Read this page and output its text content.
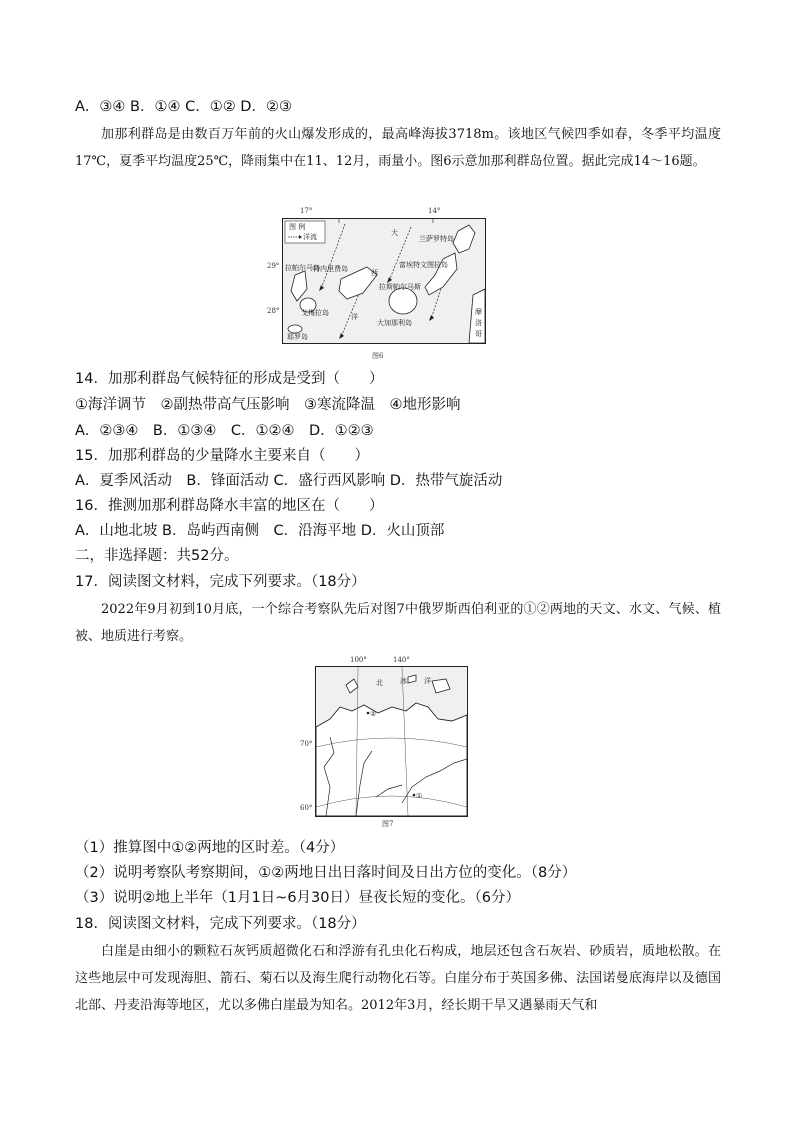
A．③④ B．①④ C．①② D．②③

加那利群岛是由数百万年前的火山爆发形成的，最高峰海拔3718m。该地区气候四季如春，冬季平均温度17℃，夏季平均温度25℃，降雨集中在11、12月，雨量小。图6示意加那利群岛位置。据此完成14～16题。

图 例
洋流	大
西
洋
兰萨罗特岛
富埃特文图拉岛
拉帕尔马岛
特内里费岛
拉斯帕尔马斯
戈梅拉岛
耶罗岛
大加那利岛
摩
洛
哥
17°	14°
29°
28°
图6
14．加那利群岛气候特征的形成是受到（　　）
①海洋调节　②副热带高气压影响　③寒流降温　④地形影响
A．②③④　B．①③④　C．①②④　D．①②③
15．加那利群岛的少量降水主要来自（　　）
A．夏季风活动　B．锋面活动 C．盛行西风影响 D．热带气旋活动
16．推测加那利群岛降水丰富的地区在（　　）
A．山地北坡 B．岛屿西南侧　C．沿海平地 D．火山顶部
二，非选择题：共52分。
17．阅读图文材料，完成下列要求。（18分）

2022年9月初到10月底，一个综合考察队先后对图7中俄罗斯西伯利亚的①②两地的天文、水文、气候、植被、地质进行考察。

②
①
北 冰 洋
100°	140°
70°
60°
图7
（1）推算图中①②两地的区时差。（4分）
（2）说明考察队考察期间，①②两地日出日落时间及日出方位的变化。（8分）
（3）说明②地上半年（1月1日~6月30日）昼夜长短的变化。（6分）
18．阅读图文材料，完成下列要求。（18分）

白崖是由细小的颗粒石灰钙质超微化石和浮游有孔虫化石构成，地层还包含石灰岩、砂质岩，质地松散。在这些地层中可发现海胆、箭石、菊石以及海生爬行动物化石等。白崖分布于英国多佛、法国诺曼底海岸以及德国北部、丹麦沿海等地区，尤以多佛白崖最为知名。2012年3月，经长期干旱又遇暴雨天气和
